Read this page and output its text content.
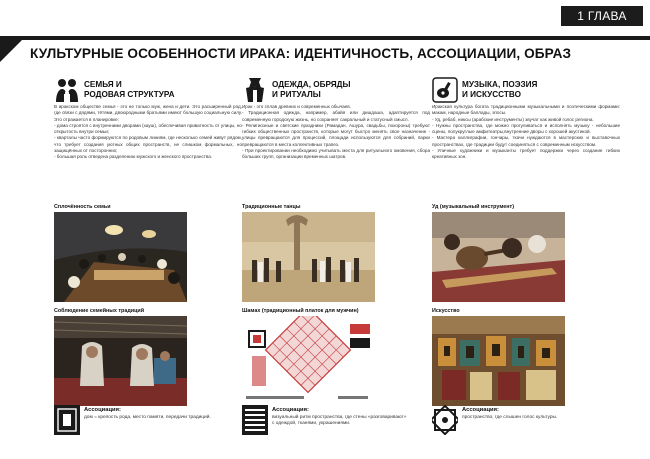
1 ГЛАВА
КУЛЬТУРНЫЕ ОСОБЕННОСТИ ИРАКА: ИДЕНТИЧНОСТЬ, АССОЦИАЦИИ, ОБРАЗ
СЕМЬЯ И
РОДОВАЯ СТРУКТУРА

В иракском обществе семья - это не только муж, жена и дети. Это расширенный род, где связи с дядями, тётями, двоюродными братьями имеют большую социальную силу. Это отражается в планировке:

- дома строятся с внутренними дворами (хауш), обеспечивая приватность от улицы, но открытость внутри семьи;

- кварталы часто формируются по родовым линиям, где несколько семей живут рядом, что требует создания уютных общих пространств, не слишком формальных, но защищённых от посторонних;

- большая роль отведена разделению мужского и женского пространства.

ОДЕЖДА, ОБРЯДЫ
И РИТУАЛЫ

Ирак - это сплав древних и современных обычаев.

- Традиционная одежда, например, абайя или дишдаша, адаптируется под современную городскую жизнь, но сохраняет сакральный и статусный смысл.

- Религиозные и светские праздники (Рамадан, Ашура, свадьбы, похороны) требуют гибких общественных пространств, которые могут быстро менять свое назначение - улицы превращаются для процессий, площади используются для собраний, парки превращаются в места коллективных трапез.

- При проектировании необходимо учитывать места для ритуального омовения, сбора больших групп, организации временных шатров.

МУЗЫКА, ПОЭЗИЯ
И ИСКУССТВО

Иракская культура богата традиционными музыкальными и поэтическими формами: макам, народные баллады, эпосы.

- Уд, ребаб, никсы (арабские инструменты) звучат как живой голос региона.

- Нужны пространства, где можно прогуливаться и исполнять музыку - небольшие сцены, полукруглые амфитеатры,внутренние дворы с хорошей акустикой.

- Мастера каллиграфии, гончары, ткачи нуждаются в мастерских и выставочных пространствах, где традиции будут соединяться с современным искусством.

- Уличные художники и музыканты требует поддержки через создание гибких креативных зон.

Сплочённость семьи	Традиционные танцы	Уд (музыкальный инструмент)
Соблюдение семейных традиций	Шамах (традиционный платок для мужчин)	Искусство
Ассоциация:
дом = крепость рода, место памяти, передачи традиций.
Ассоциация:
визуальный ритм пространства, где стены «разговаривают» с одеждой, тканями, украшениями.
Ассоциация:
пространство, где слышен голос культуры.
